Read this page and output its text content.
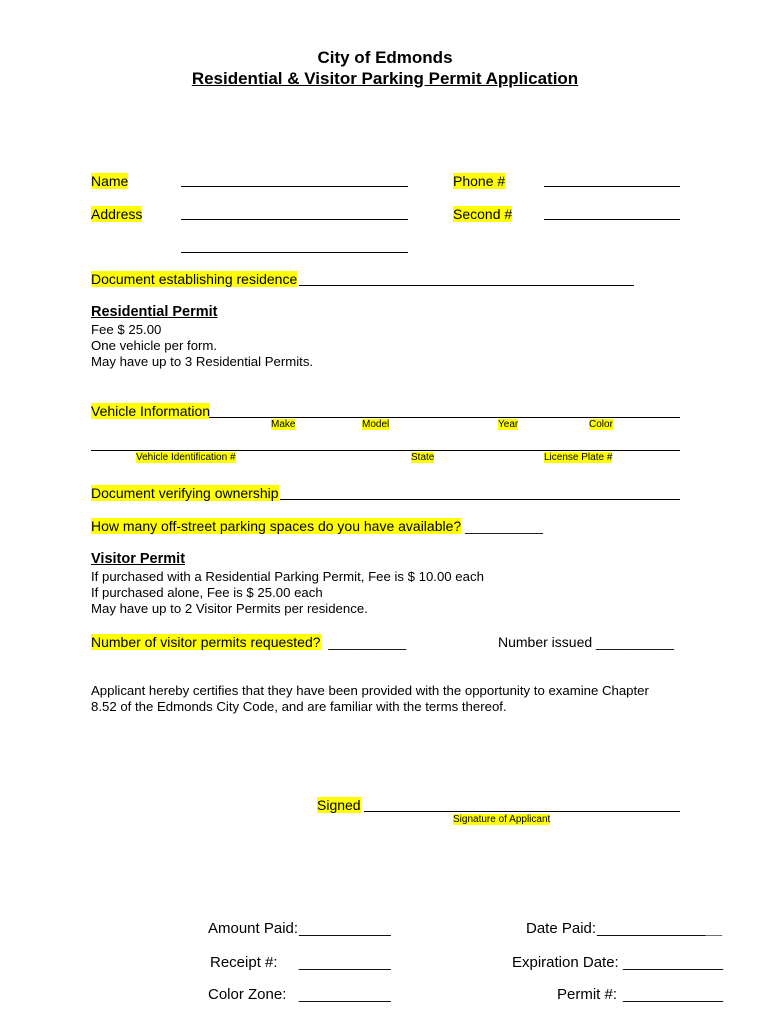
City of Edmonds
Residential & Visitor Parking Permit Application
Name	Phone #
Address	Second #
Document establishing residence
Residential Permit
Fee $ 25.00
One vehicle per form.
May have up to 3 Residential Permits.
Vehicle Information
Make	Model	Year	Color
Vehicle Identification #	State	License Plate #
Document verifying ownership
How many off-street parking spaces do you have available? __________
Visitor Permit
If purchased with a Residential Parking Permit, Fee is $ 10.00 each
If purchased alone, Fee is $ 25.00 each
May have up to 2 Visitor Permits per residence.
Number of visitor permits requested? __________	Number issued __________
Applicant hereby certifies that they have been provided with the opportunity to examine Chapter
8.52 of the Edmonds City Code, and are familiar with the terms thereof.
Signed
Signature of Applicant
Amount Paid: ___________	Date Paid: _______________
Receipt #: ___________	Expiration Date: ____________
Color Zone: ___________	Permit #: ____________
